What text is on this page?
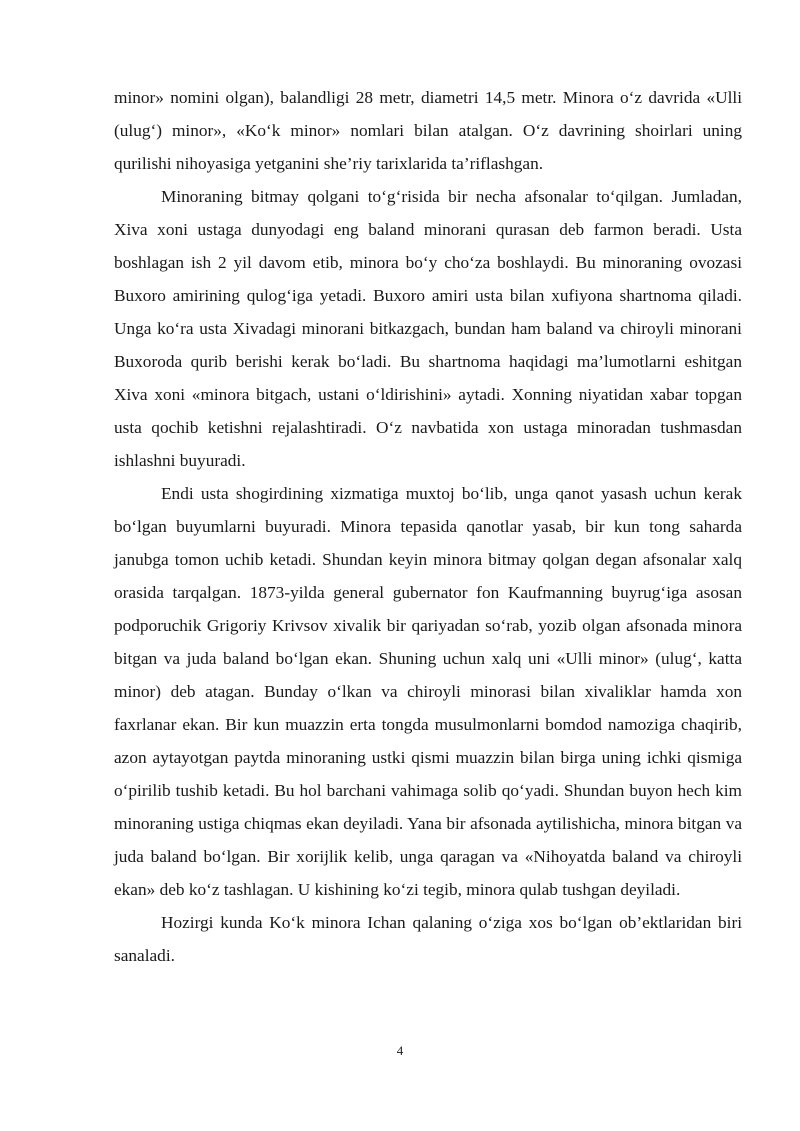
minor» nomini olgan), balandligi 28 metr, diametri 14,5 metr. Minora o‘z davrida «Ulli (ulug‘) minor», «Ko‘k minor» nomlari bilan atalgan. O‘z davrining shoirlari uning qurilishi nihoyasiga yetganini she’riy tarixlarida ta’riflashgan.

Minoraning bitmay qolgani to‘g‘risida bir necha afsonalar to‘qilgan. Jumladan, Xiva xoni ustaga dunyodagi eng baland minorani qurasan deb farmon beradi. Usta boshlagan ish 2 yil davom etib, minora bo‘y cho‘za boshlaydi. Bu minoraning ovozasi Buxoro amirining qulog‘iga yetadi. Buxoro amiri usta bilan xufiyona shartnoma qiladi. Unga ko‘ra usta Xivadagi minorani bitkazgach, bundan ham baland va chiroyli minorani Buxoroda qurib berishi kerak bo‘ladi. Bu shartnoma haqidagi ma’lumotlarni eshitgan Xiva xoni «minora bitgach, ustani o‘ldirishini» aytadi. Xonning niyatidan xabar topgan usta qochib ketishni rejalashtiradi. O‘z navbatida xon ustaga minoradan tushmasdan ishlashni buyuradi.

Endi usta shogirdining xizmatiga muxtoj bo‘lib, unga qanot yasash uchun kerak bo‘lgan buyumlarni buyuradi. Minora tepasida qanotlar yasab, bir kun tong saharda janubga tomon uchib ketadi. Shundan keyin minora bitmay qolgan degan afsonalar xalq orasida tarqalgan. 1873-yilda general gubernator fon Kaufmanning buyrug‘iga asosan podporuchik Grigoriy Krivsov xivalik bir qariyadan so‘rab, yozib olgan afsonada minora bitgan va juda baland bo‘lgan ekan. Shuning uchun xalq uni «Ulli minor» (ulug‘, katta minor) deb atagan. Bunday o‘lkan va chiroyli minorasi bilan xivaliklar hamda xon faxrlanar ekan. Bir kun muazzin erta tongda musulmonlarni bomdod namoziga chaqirib, azon aytayotgan paytda minoraning ustki qismi muazzin bilan birga uning ichki qismiga o‘pirilib tushib ketadi. Bu hol barchani vahimaga solib qo‘yadi. Shundan buyon hech kim minoraning ustiga chiqmas ekan deyiladi. Yana bir afsonada aytilishicha, minora bitgan va juda baland bo‘lgan. Bir xorijlik kelib, unga qaragan va «Nihoyatda baland va chiroyli ekan» deb ko‘z tashlagan. U kishining ko‘zi tegib, minora qulab tushgan deyiladi.

Hozirgi kunda Ko‘k minora Ichan qalaning o‘ziga xos bo‘lgan ob’ektlaridan biri sanaladi.

4
